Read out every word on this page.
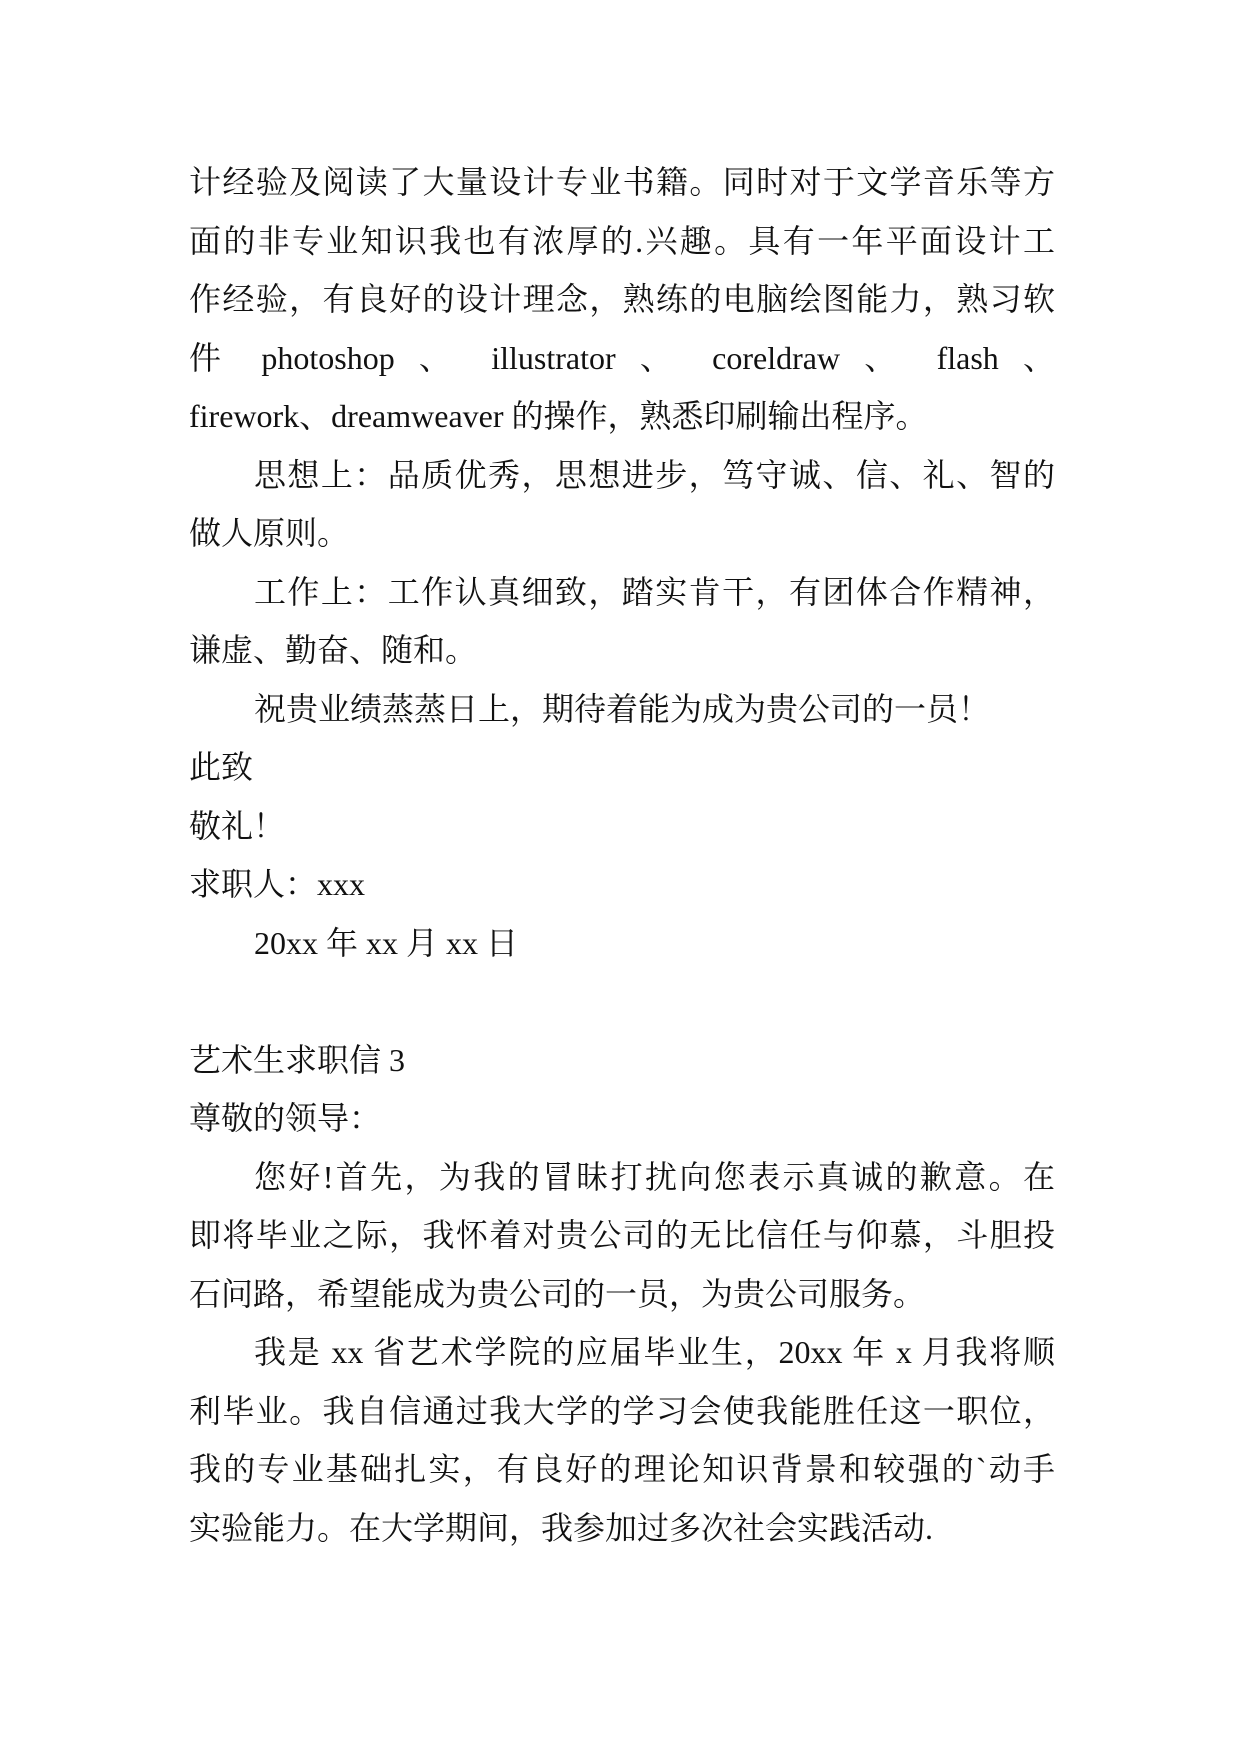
计经验及阅读了大量设计专业书籍。同时对于文学音乐等方
面的非专业知识我也有浓厚的.兴趣。具有一年平面设计工
作经验，有良好的设计理念，熟练的电脑绘图能力，熟习软
件 photoshop 、 illustrator 、 coreldraw 、 flash 、
firework、dreamweaver 的操作，熟悉印刷输出程序。
思想上：品质优秀，思想进步，笃守诚、信、礼、智的
做人原则。
工作上：工作认真细致，踏实肯干，有团体合作精神，
谦虚、勤奋、随和。
祝贵业绩蒸蒸日上，期待着能为成为贵公司的一员！
此致
敬礼！
求职人：xxx
20xx 年 xx 月 xx 日
艺术生求职信 3
尊敬的领导：
您好!首先，为我的冒昧打扰向您表示真诚的歉意。在
即将毕业之际，我怀着对贵公司的无比信任与仰慕，斗胆投
石问路，希望能成为贵公司的一员，为贵公司服务。
我是 xx 省艺术学院的应届毕业生，20xx 年 x 月我将顺
利毕业。我自信通过我大学的学习会使我能胜任这一职位，
我的专业基础扎实，有良好的理论知识背景和较强的`动手
实验能力。在大学期间，我参加过多次社会实践活动.
